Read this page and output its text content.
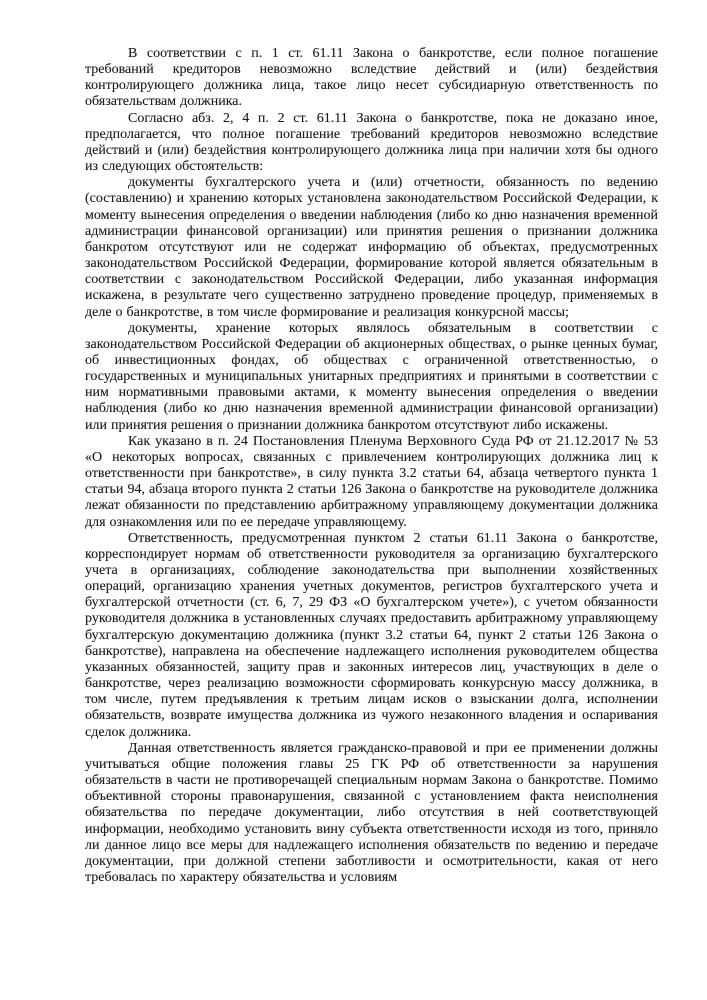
В соответствии с п. 1 ст. 61.11 Закона о банкротстве, если полное погашение требований кредиторов невозможно вследствие действий и (или) бездействия контролирующего должника лица, такое лицо несет субсидиарную ответственность по обязательствам должника.

Согласно абз. 2, 4 п. 2 ст. 61.11 Закона о банкротстве, пока не доказано иное, предполагается, что полное погашение требований кредиторов невозможно вследствие действий и (или) бездействия контролирующего должника лица при наличии хотя бы одного из следующих обстоятельств:

документы бухгалтерского учета и (или) отчетности, обязанность по ведению (составлению) и хранению которых установлена законодательством Российской Федерации, к моменту вынесения определения о введении наблюдения (либо ко дню назначения временной администрации финансовой организации) или принятия решения о признании должника банкротом отсутствуют или не содержат информацию об объектах, предусмотренных законодательством Российской Федерации, формирование которой является обязательным в соответствии с законодательством Российской Федерации, либо указанная информация искажена, в результате чего существенно затруднено проведение процедур, применяемых в деле о банкротстве, в том числе формирование и реализация конкурсной массы;

документы, хранение которых являлось обязательным в соответствии с законодательством Российской Федерации об акционерных обществах, о рынке ценных бумаг, об инвестиционных фондах, об обществах с ограниченной ответственностью, о государственных и муниципальных унитарных предприятиях и принятыми в соответствии с ним нормативными правовыми актами, к моменту вынесения определения о введении наблюдения (либо ко дню назначения временной администрации финансовой организации) или принятия решения о признании должника банкротом отсутствуют либо искажены.

Как указано в п. 24 Постановления Пленума Верховного Суда РФ от 21.12.2017 № 53 «О некоторых вопросах, связанных с привлечением контролирующих должника лиц к ответственности при банкротстве», в силу пункта 3.2 статьи 64, абзаца четвертого пункта 1 статьи 94, абзаца второго пункта 2 статьи 126 Закона о банкротстве на руководителе должника лежат обязанности по представлению арбитражному управляющему документации должника для ознакомления или по ее передаче управляющему.

Ответственность, предусмотренная пунктом 2 статьи 61.11 Закона о банкротстве, корреспондирует нормам об ответственности руководителя за организацию бухгалтерского учета в организациях, соблюдение законодательства при выполнении хозяйственных операций, организацию хранения учетных документов, регистров бухгалтерского учета и бухгалтерской отчетности (ст. 6, 7, 29 ФЗ «О бухгалтерском учете»), с учетом обязанности руководителя должника в установленных случаях предоставить арбитражному управляющему бухгалтерскую документацию должника (пункт 3.2 статьи 64, пункт 2 статьи 126 Закона о банкротстве), направлена на обеспечение надлежащего исполнения руководителем общества указанных обязанностей, защиту прав и законных интересов лиц, участвующих в деле о банкротстве, через реализацию возможности сформировать конкурсную массу должника, в том числе, путем предъявления к третьим лицам исков о взыскании долга, исполнении обязательств, возврате имущества должника из чужого незаконного владения и оспаривания сделок должника.

Данная ответственность является гражданско-правовой и при ее применении должны учитываться общие положения главы 25 ГК РФ об ответственности за нарушения обязательств в части не противоречащей специальным нормам Закона о банкротстве. Помимо объективной стороны правонарушения, связанной с установлением факта неисполнения обязательства по передаче документации, либо отсутствия в ней соответствующей информации, необходимо установить вину субъекта ответственности исходя из того, приняло ли данное лицо все меры для надлежащего исполнения обязательств по ведению и передаче документации, при должной степени заботливости и осмотрительности, какая от него требовалась по характеру обязательства и условиям
